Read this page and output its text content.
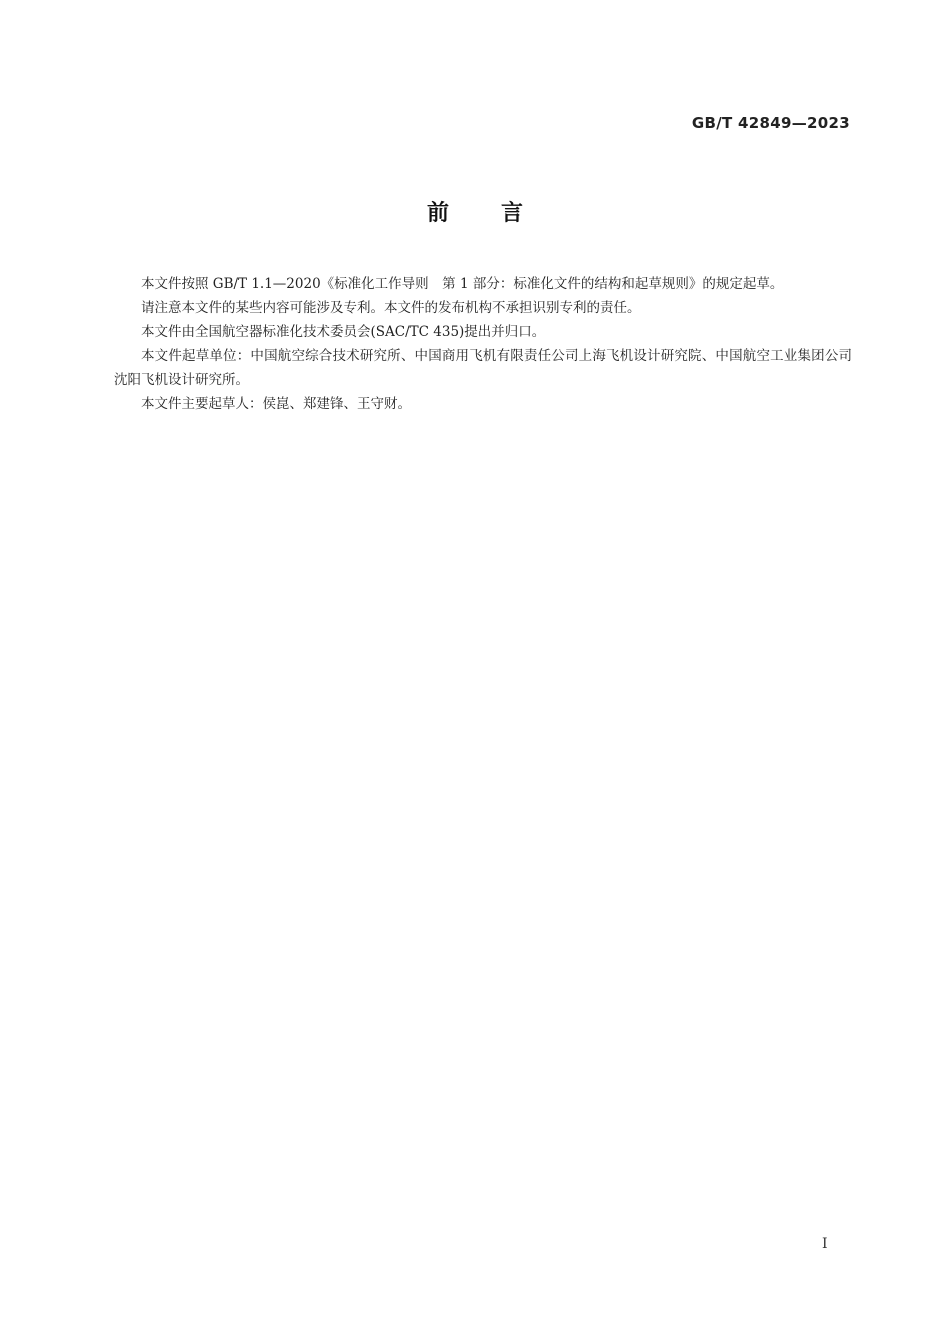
GB/T 42849—2023
前言

本文件按照 GB/T 1.1—2020《标准化工作导则　第 1 部分：标准化文件的结构和起草规则》的规定起草。

请注意本文件的某些内容可能涉及专利。本文件的发布机构不承担识别专利的责任。

本文件由全国航空器标准化技术委员会(SAC/TC 435)提出并归口。

本文件起草单位：中国航空综合技术研究所、中国商用飞机有限责任公司上海飞机设计研究院、中国航空工业集团公司沈阳飞机设计研究所。

本文件主要起草人：侯崑、郑建锋、王守财。

I
